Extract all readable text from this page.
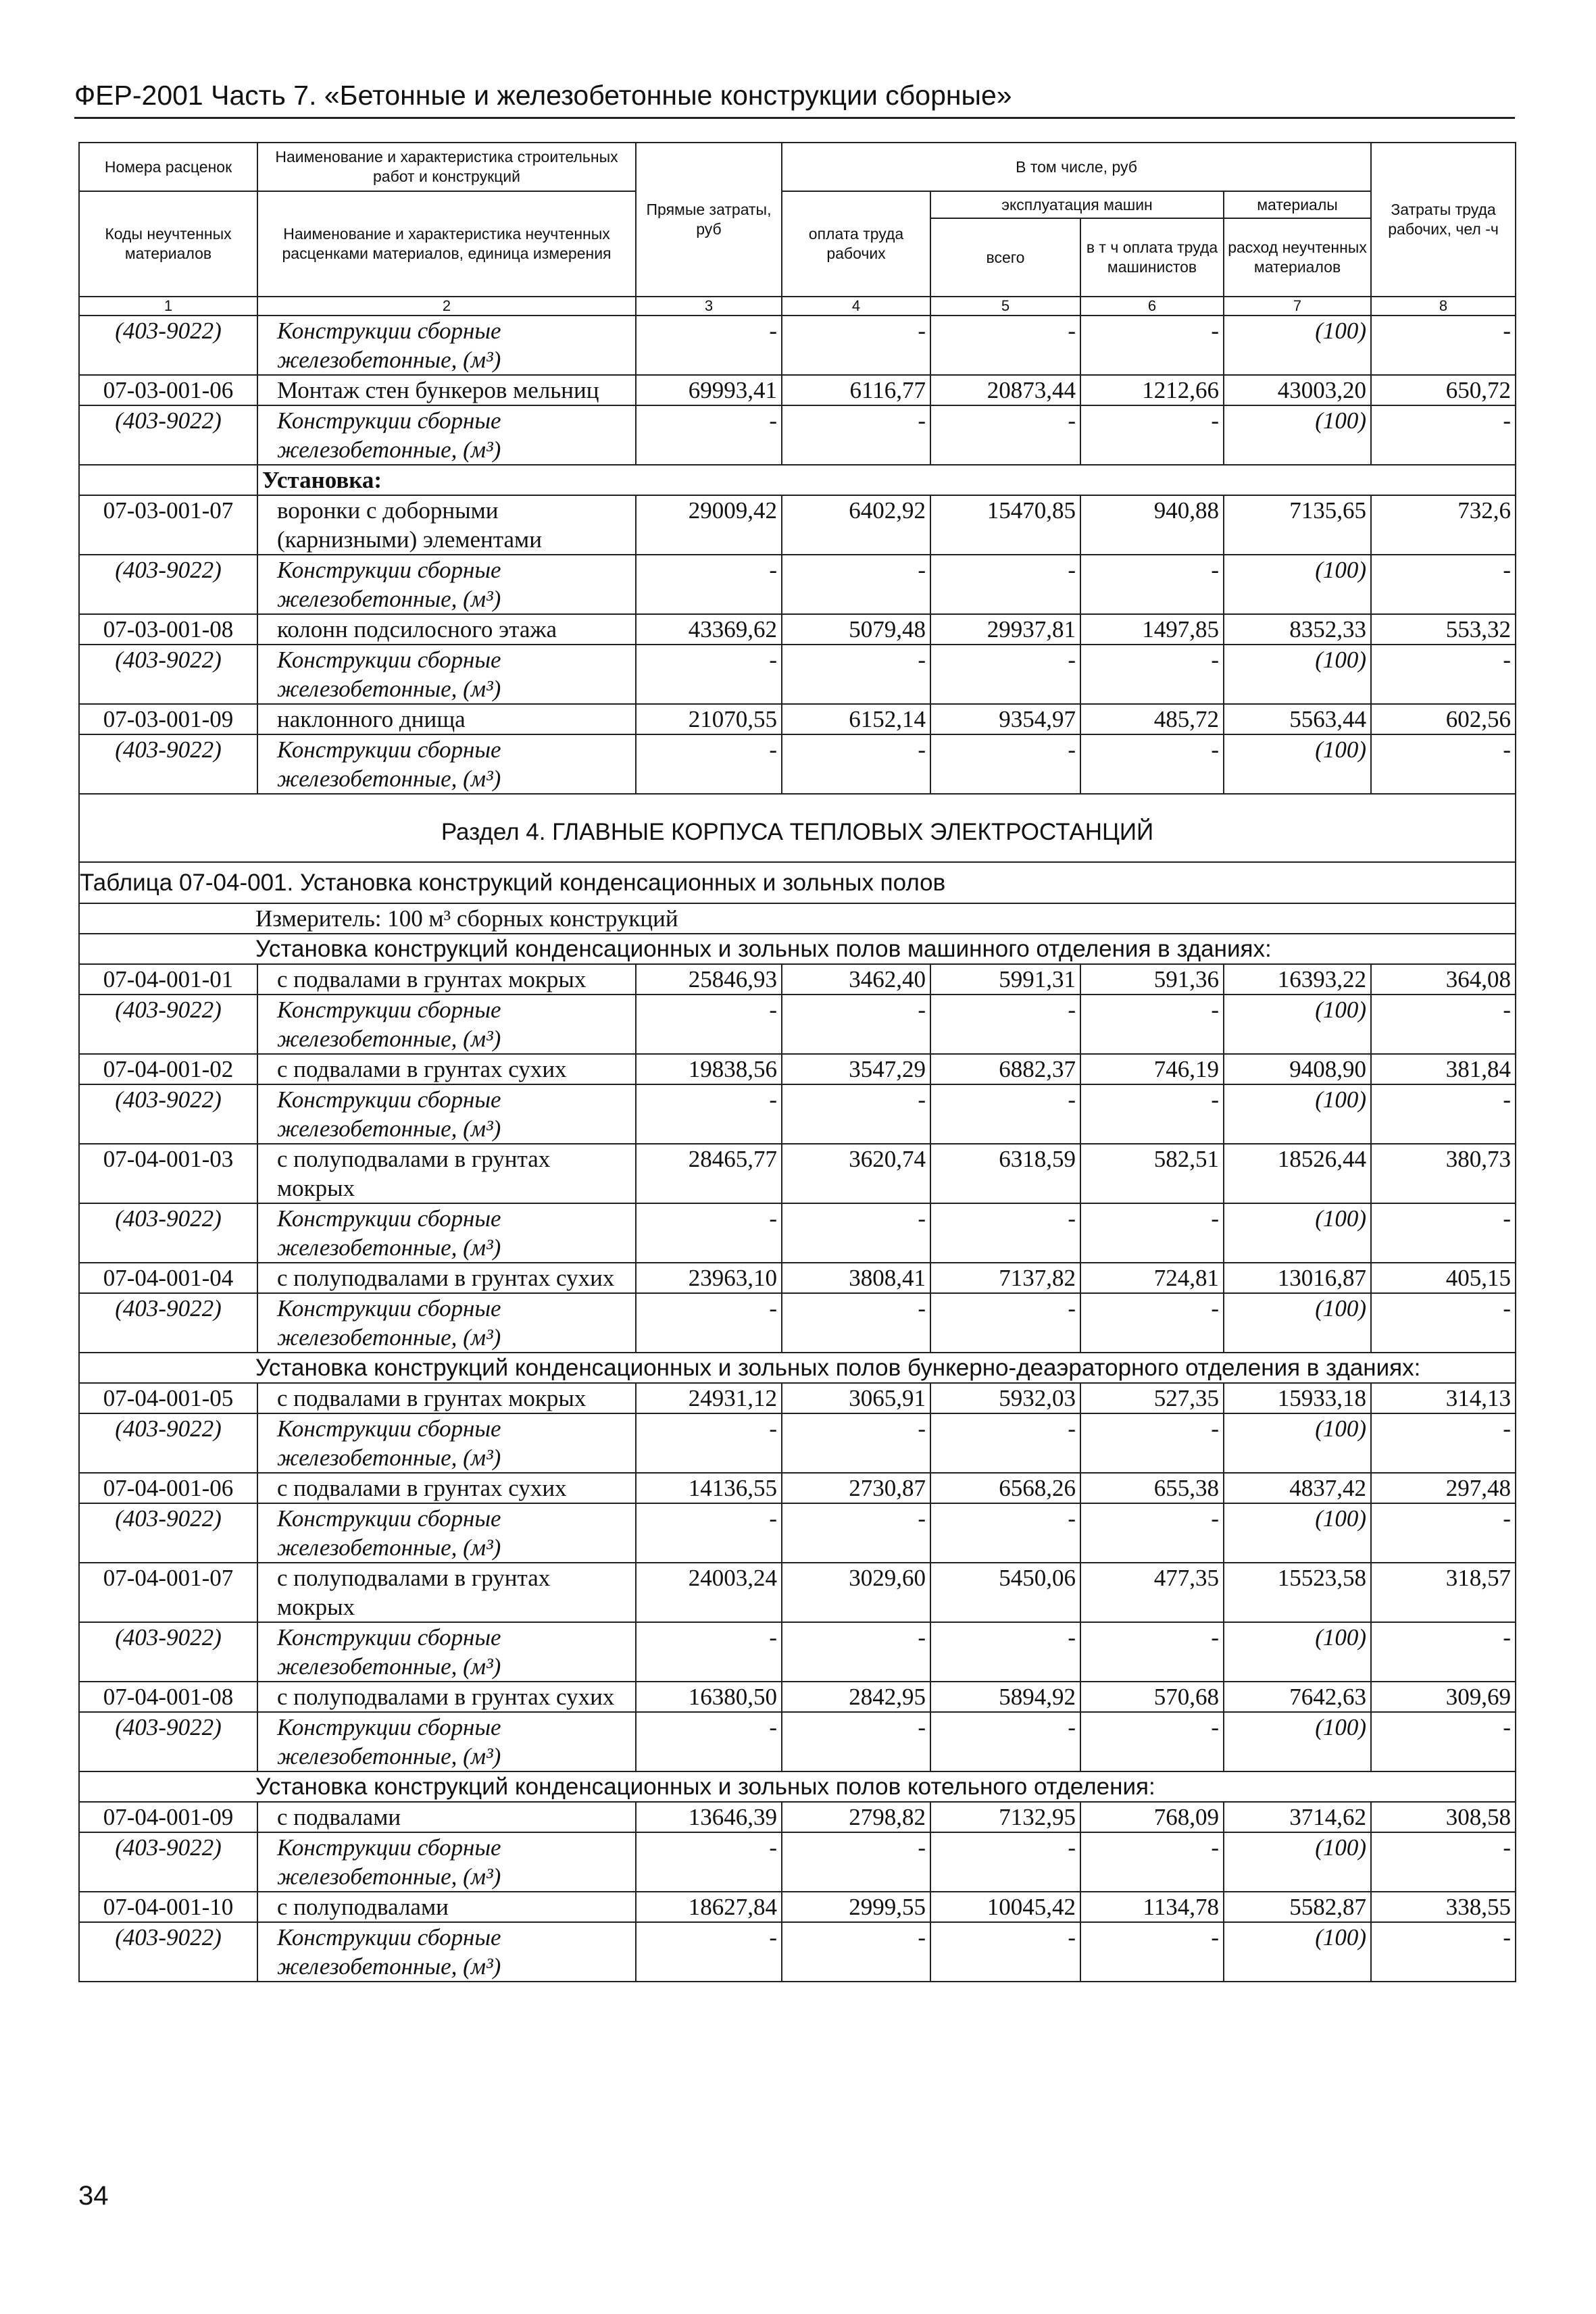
ФЕР-2001 Часть 7. «Бетонные и железобетонные конструкции сборные»
Номера расценок	Наименование и характеристика строительных работ и конструкций	Прямые затраты, руб	В том числе, руб				Затраты труда рабочих, чел -ч
Коды неучтенных материалов	Наименование и характеристика неучтенных расценками материалов, единица измерения		оплата труда рабочих	эксплуатация машин		материалы	
				всего	в т ч оплата труда машинистов	расход неучтенных материалов	
1	2	3	4	5	6	7	8
(403-9022)	Конструкции сборные железобетонные, (м³)	-	-	-	-	(100)	-
07-03-001-06	Монтаж стен бункеров мельниц	69993,41	6116,77	20873,44	1212,66	43003,20	650,72
(403-9022)	Конструкции сборные железобетонные, (м³)	-	-	-	-	(100)	-
	Установка:						
07-03-001-07	воронки с доборными (карнизными) элементами	29009,42	6402,92	15470,85	940,88	7135,65	732,6
(403-9022)	Конструкции сборные железобетонные, (м³)	-	-	-	-	(100)	-
07-03-001-08	колонн подсилосного этажа	43369,62	5079,48	29937,81	1497,85	8352,33	553,32
(403-9022)	Конструкции сборные железобетонные, (м³)	-	-	-	-	(100)	-
07-03-001-09	наклонного днища	21070,55	6152,14	9354,97	485,72	5563,44	602,56
(403-9022)	Конструкции сборные железобетонные, (м³)	-	-	-	-	(100)	-
Раздел 4. ГЛАВНЫЕ КОРПУСА ТЕПЛОВЫХ ЭЛЕКТРОСТАНЦИЙ							
Таблица 07-04-001. Установка конструкций конденсационных и зольных полов							
Измеритель: 100 м³ сборных конструкций							
Установка конструкций конденсационных и зольных полов машинного отделения в зданиях:							
07-04-001-01	с подвалами в грунтах мокрых	25846,93	3462,40	5991,31	591,36	16393,22	364,08
(403-9022)	Конструкции сборные железобетонные, (м³)	-	-	-	-	(100)	-
07-04-001-02	с подвалами в грунтах сухих	19838,56	3547,29	6882,37	746,19	9408,90	381,84
(403-9022)	Конструкции сборные железобетонные, (м³)	-	-	-	-	(100)	-
07-04-001-03	с полуподвалами в грунтах мокрых	28465,77	3620,74	6318,59	582,51	18526,44	380,73
(403-9022)	Конструкции сборные железобетонные, (м³)	-	-	-	-	(100)	-
07-04-001-04	с полуподвалами в грунтах сухих	23963,10	3808,41	7137,82	724,81	13016,87	405,15
(403-9022)	Конструкции сборные железобетонные, (м³)	-	-	-	-	(100)	-
Установка конструкций конденсационных и зольных полов бункерно-деаэраторного отделения в зданиях:							
07-04-001-05	с подвалами в грунтах мокрых	24931,12	3065,91	5932,03	527,35	15933,18	314,13
(403-9022)	Конструкции сборные железобетонные, (м³)	-	-	-	-	(100)	-
07-04-001-06	с подвалами в грунтах сухих	14136,55	2730,87	6568,26	655,38	4837,42	297,48
(403-9022)	Конструкции сборные железобетонные, (м³)	-	-	-	-	(100)	-
07-04-001-07	с полуподвалами в грунтах мокрых	24003,24	3029,60	5450,06	477,35	15523,58	318,57
(403-9022)	Конструкции сборные железобетонные, (м³)	-	-	-	-	(100)	-
07-04-001-08	с полуподвалами в грунтах сухих	16380,50	2842,95	5894,92	570,68	7642,63	309,69
(403-9022)	Конструкции сборные железобетонные, (м³)	-	-	-	-	(100)	-
Установка конструкций конденсационных и зольных полов котельного отделения:							
07-04-001-09	с подвалами	13646,39	2798,82	7132,95	768,09	3714,62	308,58
(403-9022)	Конструкции сборные железобетонные, (м³)	-	-	-	-	(100)	-
07-04-001-10	с полуподвалами	18627,84	2999,55	10045,42	1134,78	5582,87	338,55
(403-9022)	Конструкции сборные железобетонные, (м³)	-	-	-	-	(100)	-
34
